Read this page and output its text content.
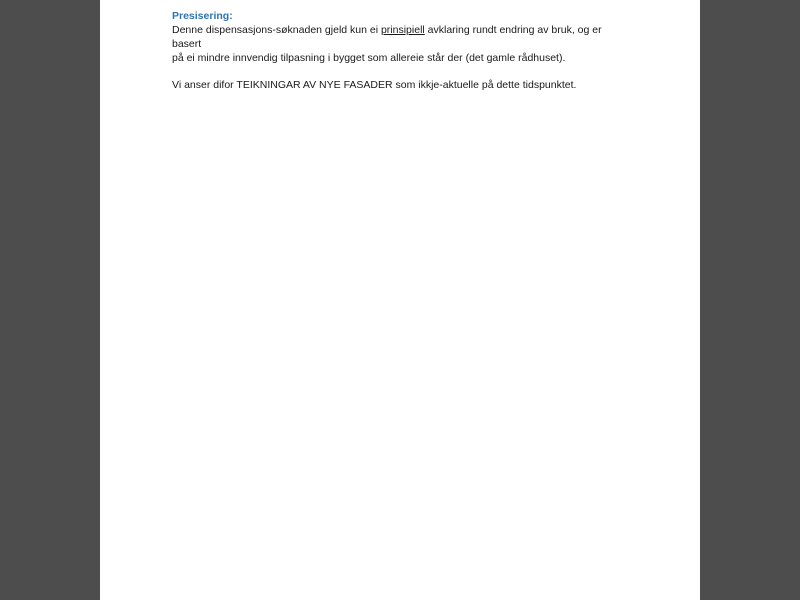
Presisering:

Denne dispensasjons-søknaden gjeld kun ei prinsipiell avklaring rundt endring av bruk, og er basert
på ei mindre innvendig tilpasning i bygget som allereie står der (det gamle rådhuset).

Vi anser difor TEIKNINGAR AV NYE FASADER som ikkje-aktuelle på dette tidspunktet.
